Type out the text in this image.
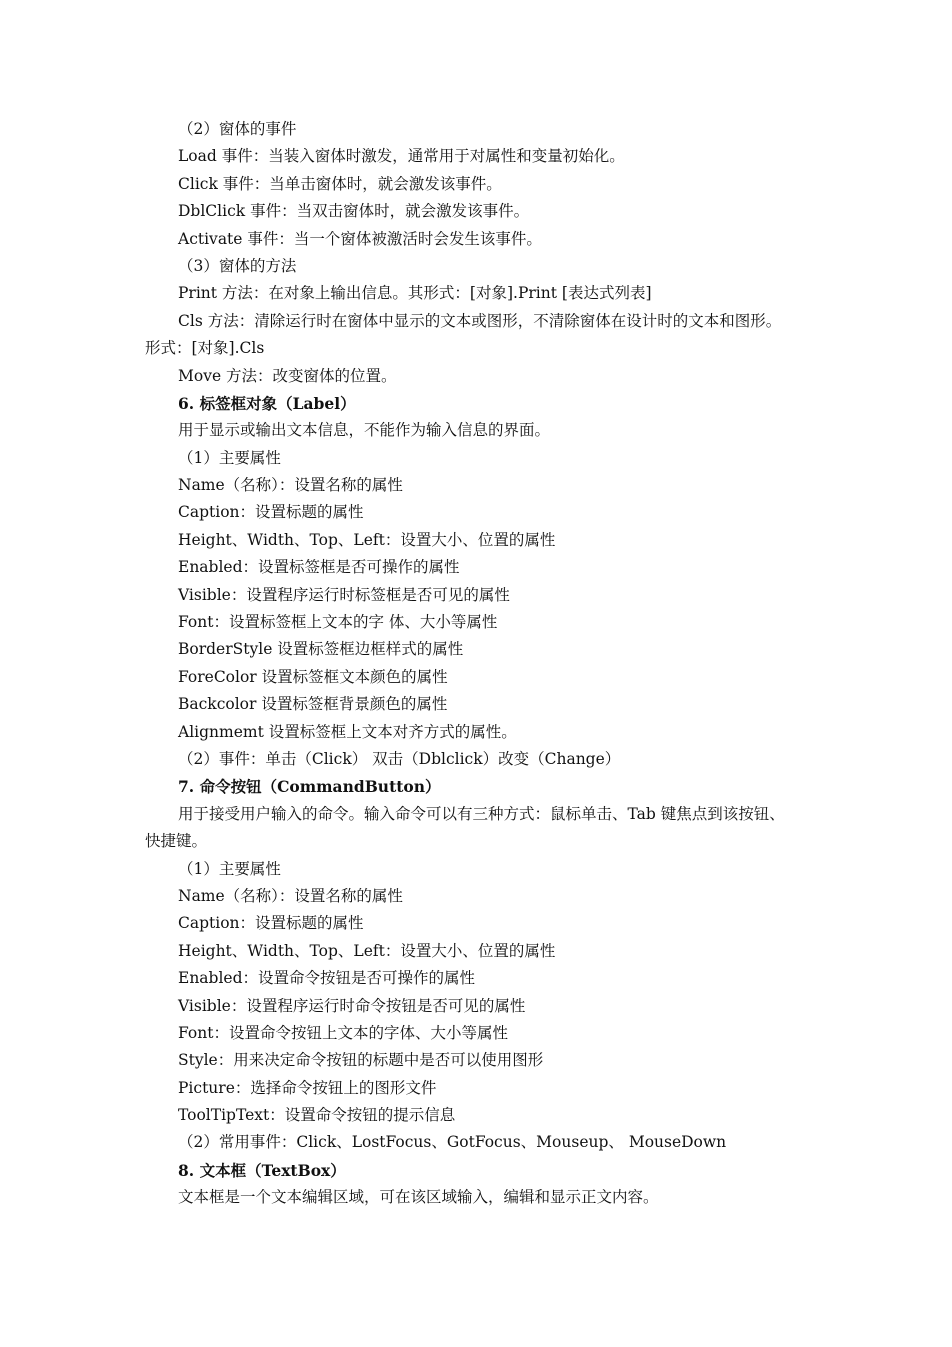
（2）窗体的事件
Load 事件：当装入窗体时激发，通常用于对属性和变量初始化。
Click 事件：当单击窗体时，就会激发该事件。
DblClick 事件：当双击窗体时，就会激发该事件。
Activate 事件：当一个窗体被激活时会发生该事件。
（3）窗体的方法
Print 方法：在对象上输出信息。其形式：[对象].Print [表达式列表]
Cls 方法：清除运行时在窗体中显示的文本或图形，不清除窗体在设计时的文本和图形。
形式：[对象].Cls
Move 方法：改变窗体的位置。
6. 标签框对象（Label）
用于显示或输出文本信息，不能作为输入信息的界面。
（1）主要属性
Name（名称）：设置名称的属性
Caption：设置标题的属性
Height、Width、Top、Left：设置大小、位置的属性
Enabled：设置标签框是否可操作的属性
Visible：设置程序运行时标签框是否可见的属性
Font：设置标签框上文本的字 体、大小等属性
BorderStyle 设置标签框边框样式的属性
ForeColor 设置标签框文本颜色的属性
Backcolor 设置标签框背景颜色的属性
Alignmemt 设置标签框上文本对齐方式的属性。
（2）事件：单击（Click） 双击（Dblclick）改变（Change）
7. 命令按钮（CommandButton）
用于接受用户输入的命令。输入命令可以有三种方式：鼠标单击、Tab 键焦点到该按钮、
快捷键。
（1）主要属性
Name（名称）：设置名称的属性
Caption：设置标题的属性
Height、Width、Top、Left：设置大小、位置的属性
Enabled：设置命令按钮是否可操作的属性
Visible：设置程序运行时命令按钮是否可见的属性
Font：设置命令按钮上文本的字体、大小等属性
Style：用来决定命令按钮的标题中是否可以使用图形
Picture：选择命令按钮上的图形文件
ToolTipText：设置命令按钮的提示信息
（2）常用事件：Click、LostFocus、GotFocus、Mouseup、 MouseDown
8. 文本框（TextBox）
文本框是一个文本编辑区域，可在该区域输入，编辑和显示正文内容。
